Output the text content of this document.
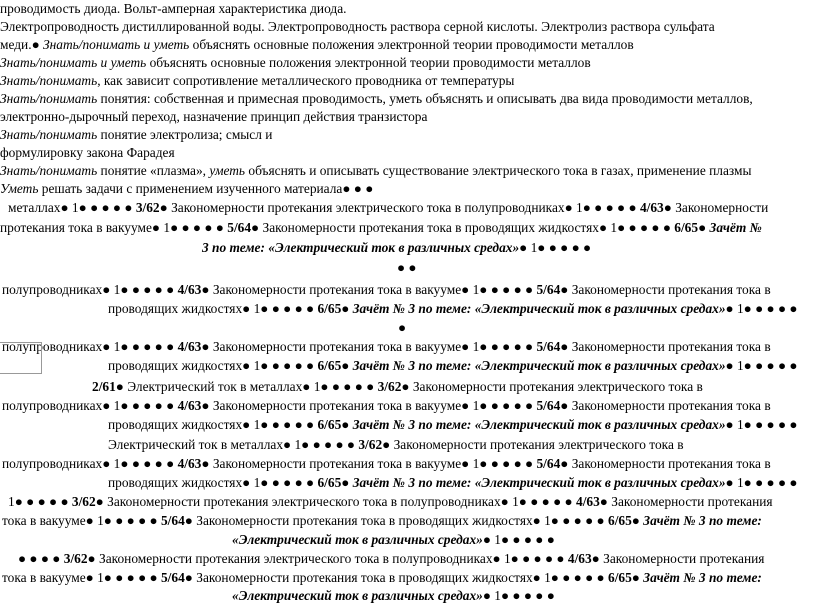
проводимость диода. Вольт-амперная характеристика диода.
Электропроводность дистиллированной воды. Электропроводность раствора серной кислоты. Электролиз раствора сульфата
меди.● Знать/понимать и уметь объяснять основные положения электронной теории проводимости металлов
Знать/понимать и уметь объяснять основные положения электронной теории проводимости металлов
Знать/понимать, как зависит сопротивление металлического проводника от температуры
Знать/понимать понятия: собственная и примесная проводимость, уметь объяснять и описывать два вида проводимости металлов,
электронно-дырочный переход, назначение принцип действия транзистора
Знать/понимать понятие электролиза; смысл и
формулировку закона Фарадея
Знать/понимать понятие «плазма», уметь объяснять и описывать существование электрического тока в газах, применение плазмы
Уметь решать задачи с применением изученного материала● ● ●
металлах● 1● ● ● ● ● 3/62● Закономерности протекания электрического тока в полупроводниках● 1● ● ● ● ● 4/63● Закономерности
протекания тока в вакууме● 1● ● ● ● ● 5/64● Закономерности протекания тока в проводящих жидкостях● 1● ● ● ● ● 6/65● Зачёт №
3 по теме: «Электрический ток в различных средах»● 1● ● ● ● ●
● ●
полупроводниках● 1● ● ● ● ● 4/63● Закономерности протекания тока в вакууме● 1● ● ● ● ● 5/64● Закономерности протекания тока в
проводящих жидкостях● 1● ● ● ● ● 6/65● Зачёт № 3 по теме: «Электрический ток в различных средах»● 1● ● ● ● ●
●
полупроводниках● 1● ● ● ● ● 4/63● Закономерности протекания тока в вакууме● 1● ● ● ● ● 5/64● Закономерности протекания тока в
проводящих жидкостях● 1● ● ● ● ● 6/65● Зачёт № 3 по теме: «Электрический ток в различных средах»● 1● ● ● ● ●
2/61● Электрический ток в металлах● 1● ● ● ● ● 3/62● Закономерности протекания электрического тока в
полупроводниках● 1● ● ● ● ● 4/63● Закономерности протекания тока в вакууме● 1● ● ● ● ● 5/64● Закономерности протекания тока в
проводящих жидкостях● 1● ● ● ● ● 6/65● Зачёт № 3 по теме: «Электрический ток в различных средах»● 1● ● ● ● ●
Электрический ток в металлах● 1● ● ● ● ● 3/62● Закономерности протекания электрического тока в
полупроводниках● 1● ● ● ● ● 4/63● Закономерности протекания тока в вакууме● 1● ● ● ● ● 5/64● Закономерности протекания тока в
проводящих жидкостях● 1● ● ● ● ● 6/65● Зачёт № 3 по теме: «Электрический ток в различных средах»● 1● ● ● ● ●
1● ● ● ● ● 3/62● Закономерности протекания электрического тока в полупроводниках● 1● ● ● ● ● 4/63● Закономерности протекания
тока в вакууме● 1● ● ● ● ● 5/64● Закономерности протекания тока в проводящих жидкостях● 1● ● ● ● ● 6/65● Зачёт № 3 по теме:
«Электрический ток в различных средах»● 1● ● ● ● ●
● ● ● ● 3/62● Закономерности протекания электрического тока в полупроводниках● 1● ● ● ● ● 4/63● Закономерности протекания
тока в вакууме● 1● ● ● ● ● 5/64● Закономерности протекания тока в проводящих жидкостях● 1● ● ● ● ● 6/65● Зачёт № 3 по теме:
«Электрический ток в различных средах»● 1● ● ● ● ●
